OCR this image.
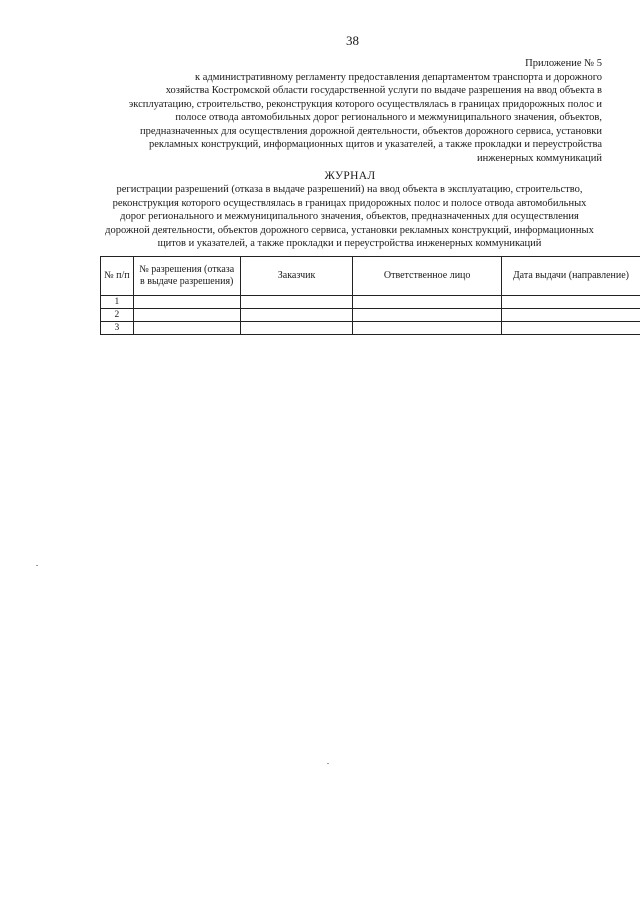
38
Приложение № 5
к административному регламенту предоставления департаментом транспорта и дорожного
хозяйства Костромской области государственной услуги по выдаче разрешения на ввод объекта в
эксплуатацию, строительство, реконструкция которого осуществлялась в границах придорожных полос и
полосе отвода автомобильных дорог регионального и межмуниципального значения, объектов,
предназначенных для осуществления дорожной деятельности, объектов дорожного сервиса, установки
рекламных конструкций, информационных щитов и указателей, а также прокладки и переустройства
инженерных коммуникаций
ЖУРНАЛ
регистрации разрешений (отказа в выдаче разрешений) на ввод объекта в эксплуатацию, строительство,
реконструкция которого осуществлялась в границах придорожных полос и полосе отвода автомобильных
дорог регионального и межмуниципального значения, объектов, предназначенных для осуществления
дорожной деятельности, объектов дорожного сервиса, установки рекламных конструкций, информационных
щитов и указателей, а также прокладки и переустройства инженерных коммуникаций
№ п/п	№ разрешения (отказа в выдаче разрешения)	Заказчик	Ответственное лицо	Дата выдачи (направление)
1				
2				
3				
